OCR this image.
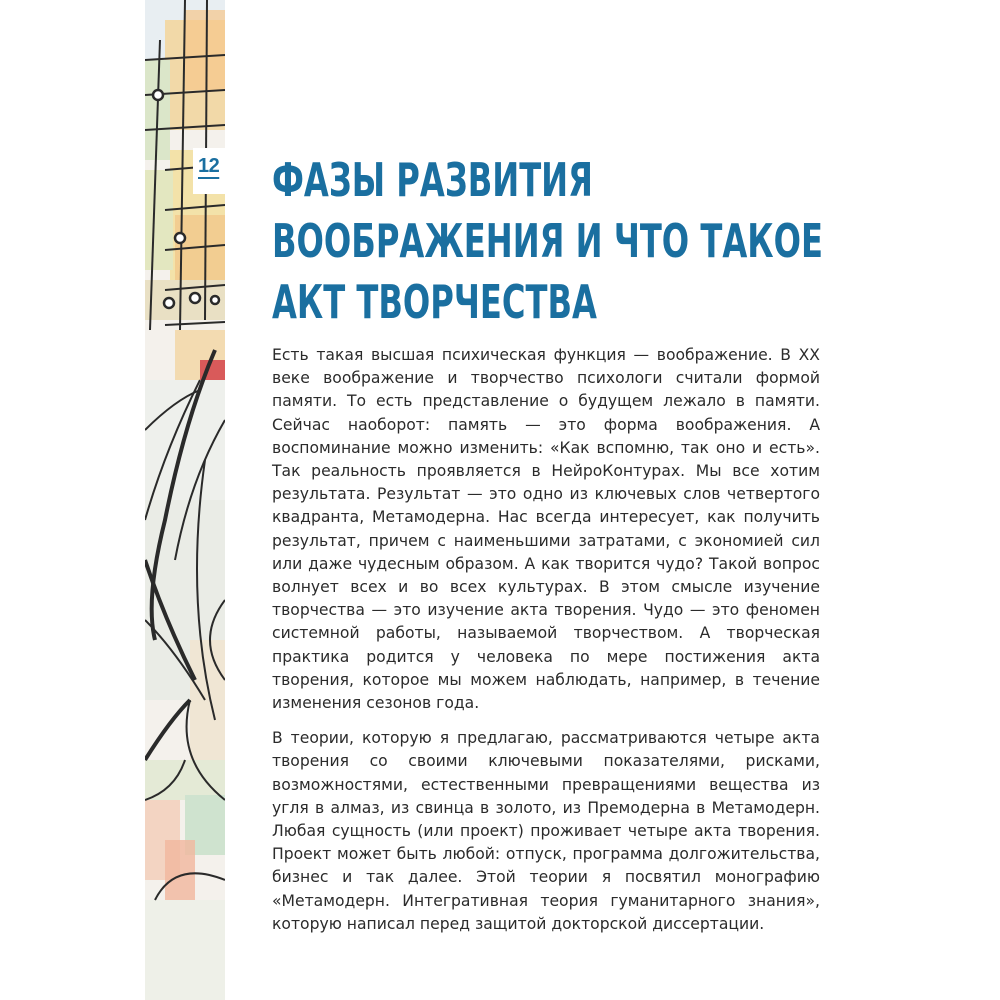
12 ФАЗЫ РАЗВИТИЯ
ВООБРАЖЕНИЯ И ЧТО ТАКОЕ
АКТ ТВОРЧЕСТВА

Есть такая высшая психическая функция — воображение. В XX веке воображение и творчество психологи считали формой памяти. То есть представление о будущем лежало в памяти. Сейчас наоборот: память — это форма воображения. А воспоминание можно изменить: «Как вспомню, так оно и есть». Так реальность проявляется в НейроКонтурах. Мы все хотим результата. Результат — это одно из ключевых слов четвертого квадранта, Метамодерна. Нас всегда интересует, как получить результат, причем с наименьшими затратами, с экономией сил или даже чудесным образом. А как творится чудо? Такой вопрос волнует всех и во всех культурах. В этом смысле изучение творчества — это изучение акта творения. Чудо — это феномен системной работы, называемой творчеством. А творческая практика родится у человека по мере постижения акта творения, которое мы можем наблюдать, например, в течение изменения сезонов года.

В теории, которую я предлагаю, рассматриваются четыре акта творения со своими ключевыми показателями, рисками, возможностями, естественными превращениями вещества из угля в алмаз, из свинца в золото, из Премодерна в Метамодерн. Любая сущность (или проект) проживает четыре акта творения. Проект может быть любой: отпуск, программа долгожительства, бизнес и так далее. Этой теории я посвятил монографию «Метамодерн. Интегративная теория гуманитарного знания», которую написал перед защитой докторской диссертации.
